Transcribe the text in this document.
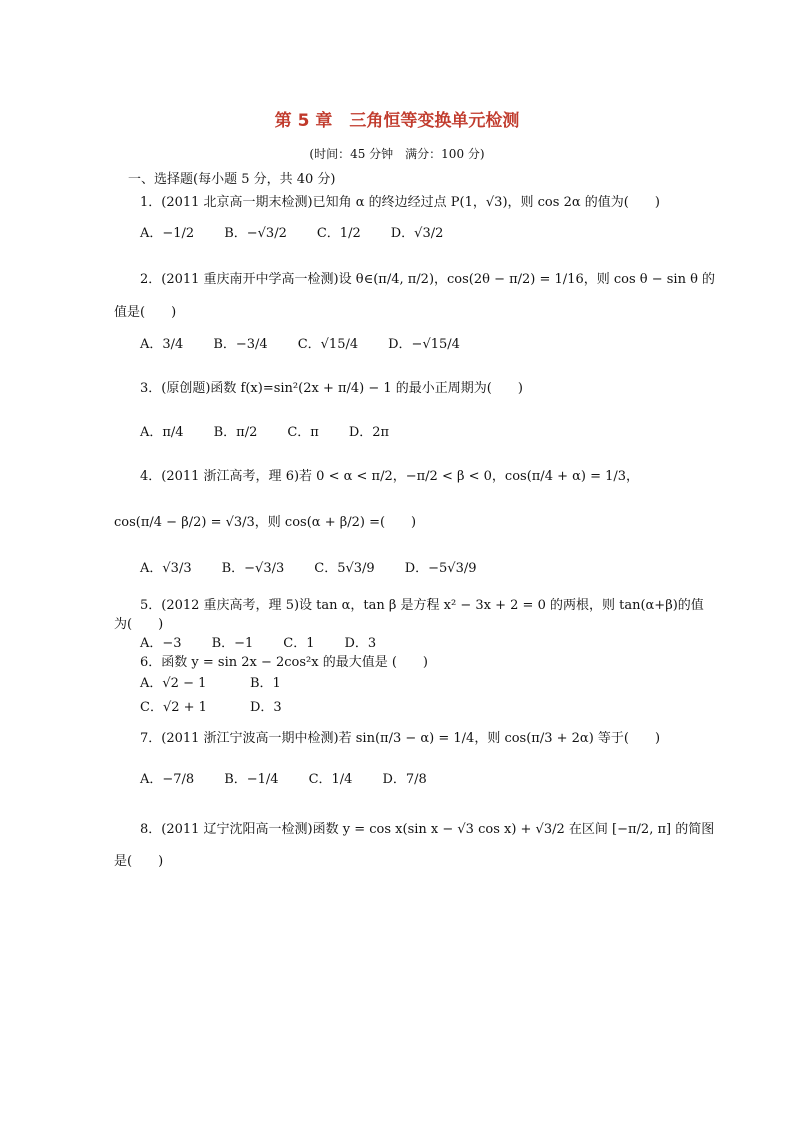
第 5 章　三角恒等变换单元检测
(时间：45 分钟　满分：100 分)
一、选择题(每小题 5 分，共 40 分)
1．(2011 北京高一期末检测)已知角 α 的终边经过点 P(1，√3)，则 cos 2α 的值为(　　)
A．−1/2 B．−√3/2 C．1/2 D．√3/2
2．(2011 重庆南开中学高一检测)设 θ∈(π/4, π/2)，cos(2θ − π/2) = 1/16，则 cos θ − sin θ 的
值是(　　)
A．3/4 B．−3/4 C．√15/4 D．−√15/4
3．(原创题)函数 f(x)=sin²(2x + π/4) − 1 的最小正周期为(　　)
A．π/4 B．π/2 C．π D．2π
4．(2011 浙江高考，理 6)若 0 < α < π/2，−π/2 < β < 0，cos(π/4 + α) = 1/3，
cos(π/4 − β/2) = √3/3，则 cos(α + β/2) =(　　)
A．√3/3 B．−√3/3 C．5√3/9 D．−5√3/9
5．(2012 重庆高考，理 5)设 tan α，tan β 是方程 x² − 3x + 2 = 0 的两根，则 tan(α+β)的值
为(　　)
A．−3 B．−1 C．1 D．3
6．函数 y = sin 2x − 2cos²x 的最大值是 (　　)
A．√2 − 1	B．1
C．√2 + 1	D．3
7．(2011 浙江宁波高一期中检测)若 sin(π/3 − α) = 1/4，则 cos(π/3 + 2α) 等于(　　)
A．−7/8 B．−1/4 C．1/4 D．7/8
8．(2011 辽宁沈阳高一检测)函数 y = cos x(sin x − √3 cos x) + √3/2 在区间 [−π/2, π] 的简图
是(　　)
